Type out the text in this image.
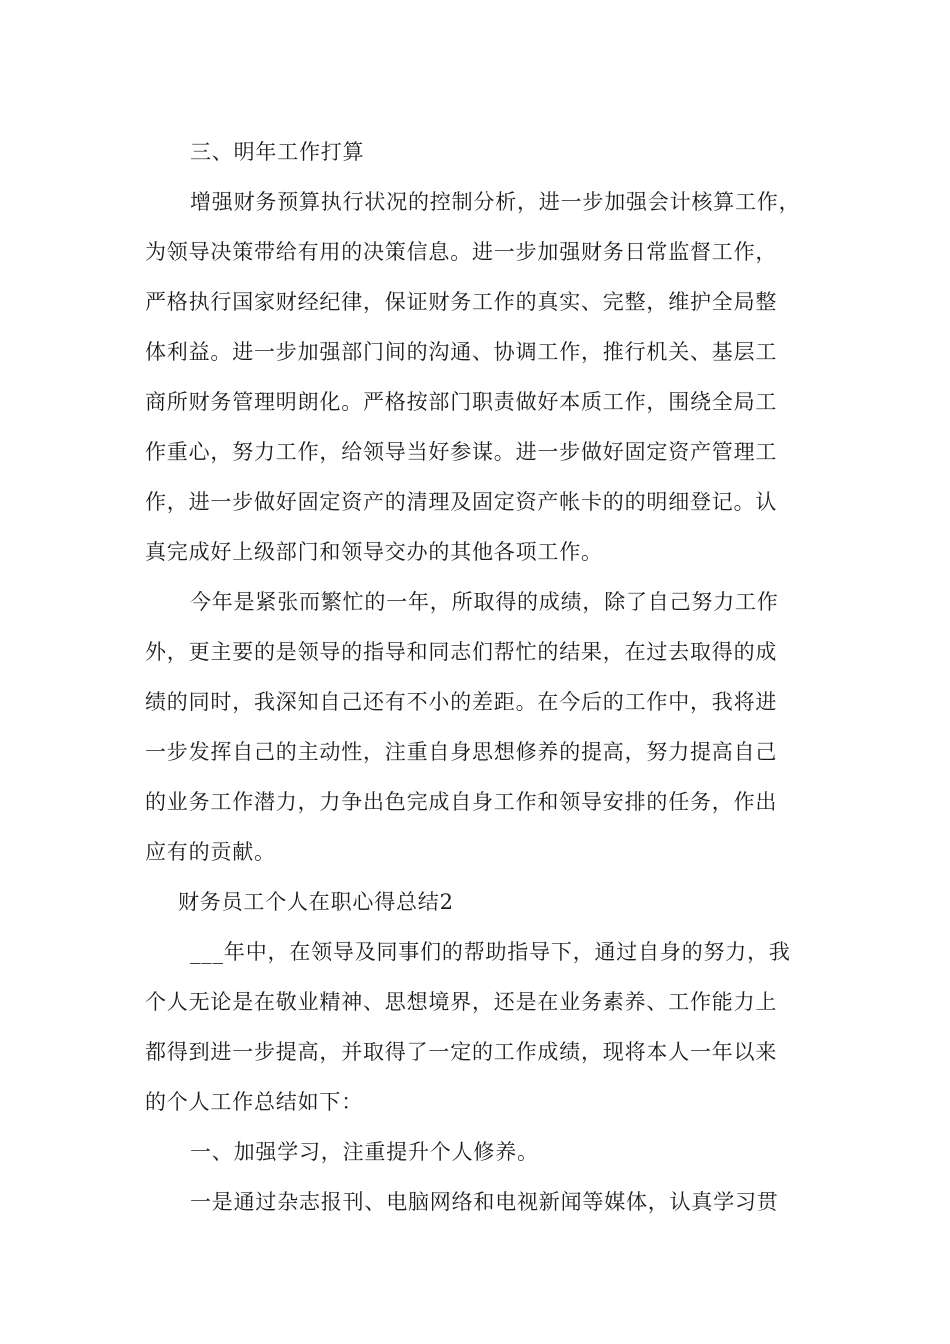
三、明年工作打算

增强财务预算执行状况的控制分析，进一步加强会计核算工作，

为领导决策带给有用的决策信息。进一步加强财务日常监督工作，

严格执行国家财经纪律，保证财务工作的真实、完整，维护全局整

体利益。进一步加强部门间的沟通、协调工作，推行机关、基层工

商所财务管理明朗化。严格按部门职责做好本质工作，围绕全局工

作重心，努力工作，给领导当好参谋。进一步做好固定资产管理工

作，进一步做好固定资产的清理及固定资产帐卡的的明细登记。认

真完成好上级部门和领导交办的其他各项工作。

今年是紧张而繁忙的一年，所取得的成绩，除了自己努力工作

外，更主要的是领导的指导和同志们帮忙的结果，在过去取得的成

绩的同时，我深知自己还有不小的差距。在今后的工作中，我将进

一步发挥自己的主动性，注重自身思想修养的提高，努力提高自己

的业务工作潜力，力争出色完成自身工作和领导安排的任务，作出

应有的贡献。

财务员工个人在职心得总结2

___年中，在领导及同事们的帮助指导下，通过自身的努力，我

个人无论是在敬业精神、思想境界，还是在业务素养、工作能力上

都得到进一步提高，并取得了一定的工作成绩，现将本人一年以来

的个人工作总结如下：

一、加强学习，注重提升个人修养。

一是通过杂志报刊、电脑网络和电视新闻等媒体，认真学习贯
